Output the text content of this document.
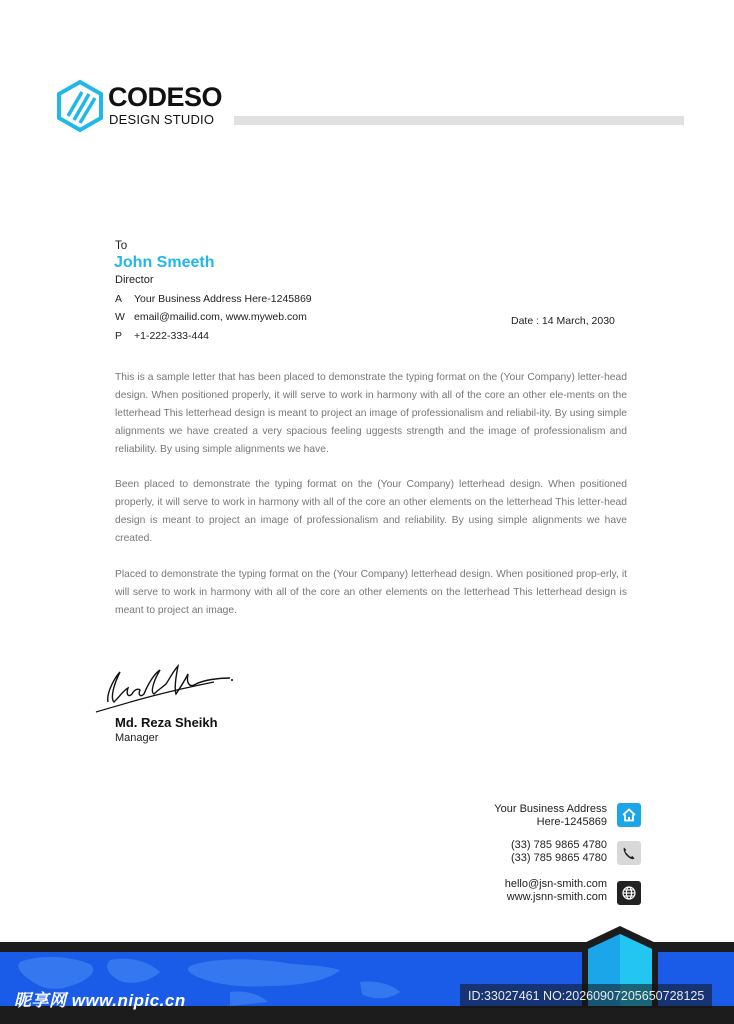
CODESO
DESIGN STUDIO
To
John Smeeth
Director
A Your Business Address Here-1245869
W email@mailid.com, www.myweb.com
P +1-222-333-444
Date : 14 March, 2030

This is a sample letter that has been placed to demonstrate the typing format on the (Your Company) letter-head design. When positioned properly, it will serve to work in harmony with all of the core an other ele-ments on the letterhead This letterhead design is meant to project an image of professionalism and reliabil-ity. By using simple alignments we have created a very spacious feeling uggests strength and the image of professionalism and reliability. By using simple alignments we have.

Been placed to demonstrate the typing format on the (Your Company) letterhead design. When positioned properly, it will serve to work in harmony with all of the core an other elements on the letterhead This letter-head design is meant to project an image of professionalism and reliability. By using simple alignments we have created.

Placed to demonstrate the typing format on the (Your Company) letterhead design. When positioned prop-erly, it will serve to work in harmony with all of the core an other elements on the letterhead This letterhead design is meant to project an image.

Md. Reza Sheikh
Manager
Your Business Address
Here-1245869
(33) 785 9865 4780
(33) 785 9865 4780
hello@jsn-smith.com
www.jsnn-smith.com
昵享网 www.nipic.cn	ID:33027461 NO:20260907205650728125
